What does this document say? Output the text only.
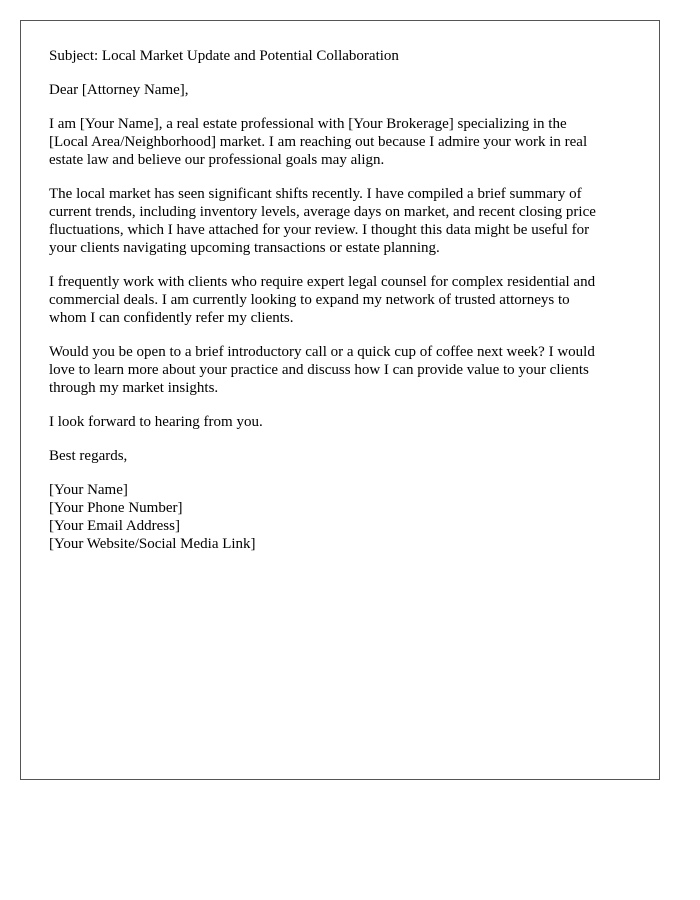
Subject: Local Market Update and Potential Collaboration

Dear [Attorney Name],

I am [Your Name], a real estate professional with [Your Brokerage] specializing in the
[Local Area/Neighborhood] market. I am reaching out because I admire your work in real
estate law and believe our professional goals may align.

The local market has seen significant shifts recently. I have compiled a brief summary of
current trends, including inventory levels, average days on market, and recent closing price
fluctuations, which I have attached for your review. I thought this data might be useful for
your clients navigating upcoming transactions or estate planning.

I frequently work with clients who require expert legal counsel for complex residential and
commercial deals. I am currently looking to expand my network of trusted attorneys to
whom I can confidently refer my clients.

Would you be open to a brief introductory call or a quick cup of coffee next week? I would
love to learn more about your practice and discuss how I can provide value to your clients
through my market insights.

I look forward to hearing from you.

Best regards,

[Your Name]
[Your Phone Number]
[Your Email Address]
[Your Website/Social Media Link]
